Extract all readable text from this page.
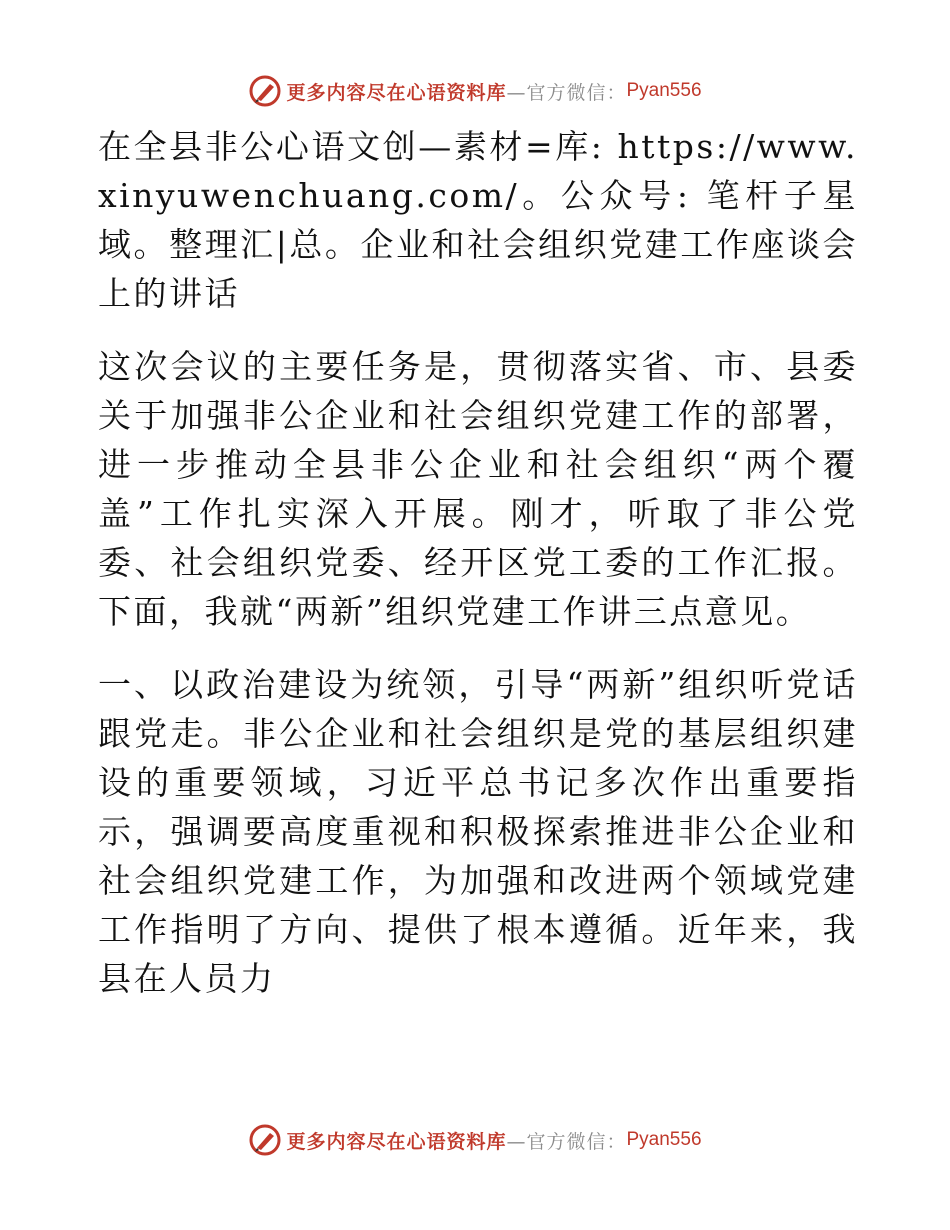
更多内容尽在心语资料库 —官方微信： Pyan556

在全县非公心语文创—素材=库: https://www.xinyuwenchuang.com/。公众号: 笔杆子星域。整理汇|总。企业和社会组织党建工作座谈会上的讲话

这次会议的主要任务是，贯彻落实省、市、县委关于加强非公企业和社会组织党建工作的部署，进一步推动全县非公企业和社会组织“两个覆盖”工作扎实深入开展。刚才，听取了非公党委、社会组织党委、经开区党工委的工作汇报。下面，我就“两新”组织党建工作讲三点意见。

一、以政治建设为统领，引导“两新”组织听党话跟党走。非公企业和社会组织是党的基层组织建设的重要领域，习近平总书记多次作出重要指示，强调要高度重视和积极探索推进非公企业和社会组织党建工作，为加强和改进两个领域党建工作指明了方向、提供了根本遵循。近年来，我县在人员力

更多内容尽在心语资料库 —官方微信： Pyan556
